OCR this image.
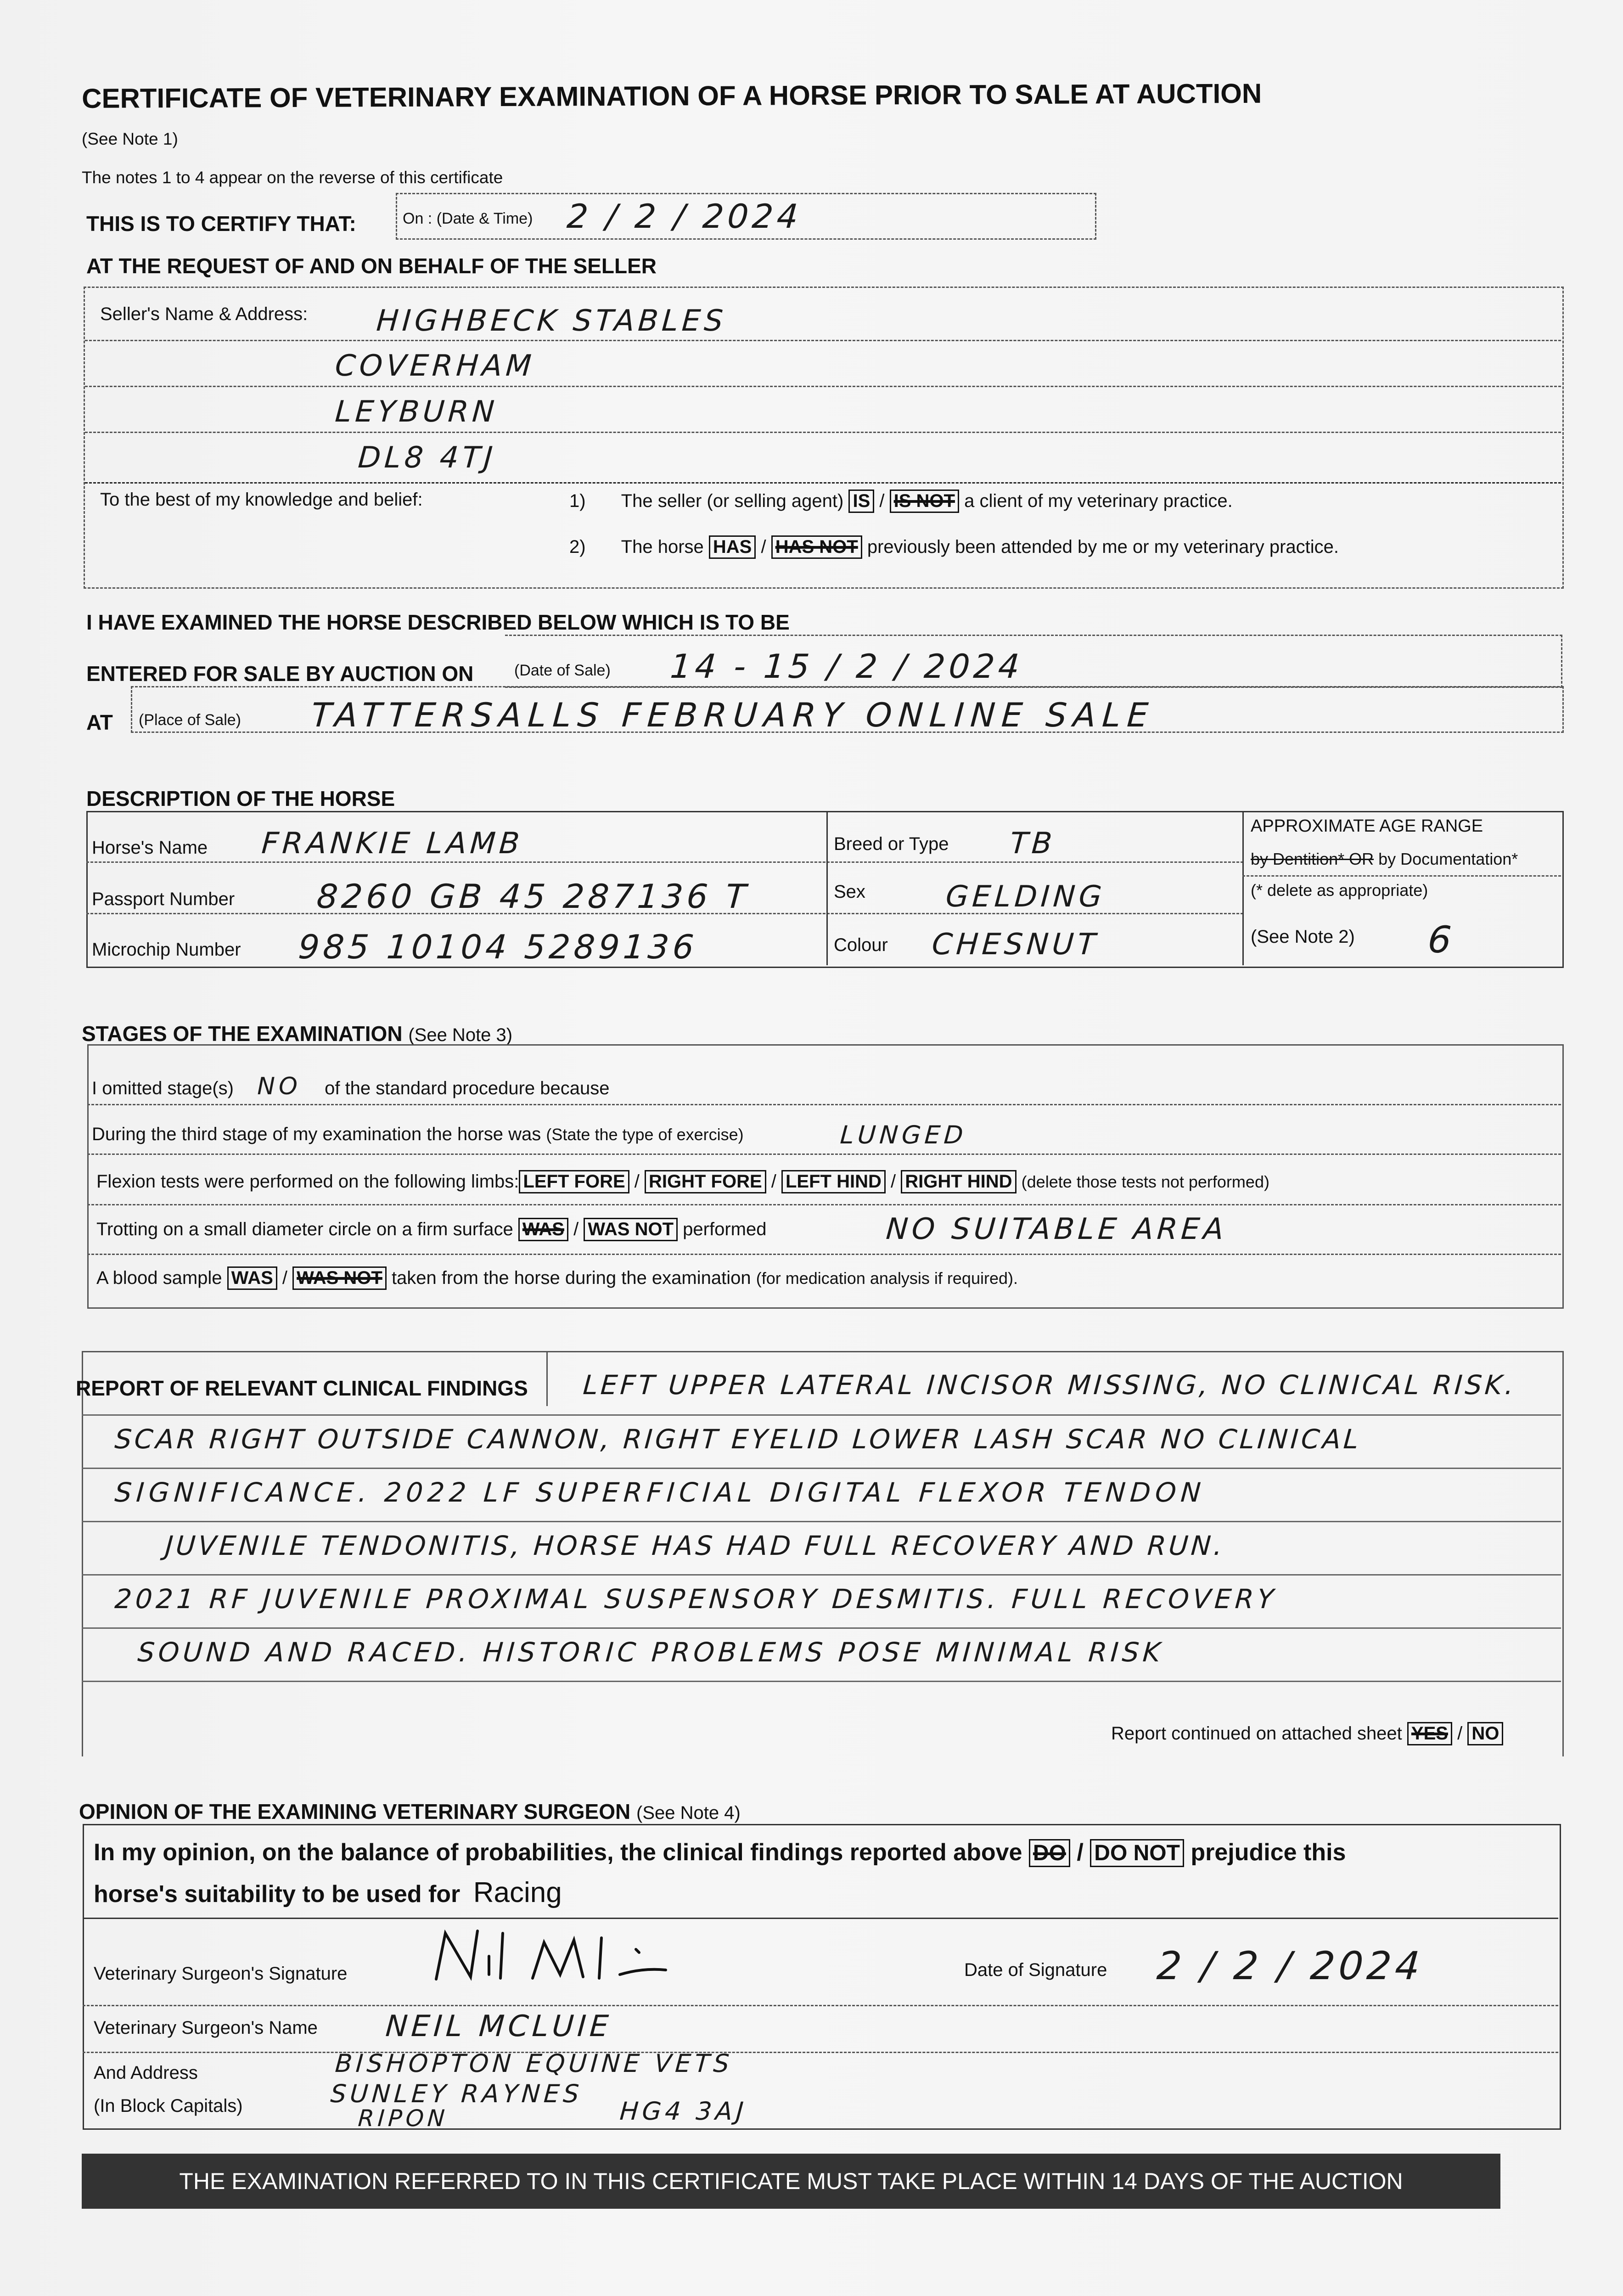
CERTIFICATE OF VETERINARY EXAMINATION OF A HORSE PRIOR TO SALE AT AUCTION
(See Note 1)
The notes 1 to 4 appear on the reverse of this certificate
THIS IS TO CERTIFY THAT:	On : (Date & Time) 2 / 2 / 2024
AT THE REQUEST OF AND ON BEHALF OF THE SELLER
Seller's Name & Address: HIGHBECK STABLES
COVERHAM
LEYBURN
DL8 4TJ
To the best of my knowledge and belief:	1) The seller (or selling agent) IS / IS NOT a client of my veterinary practice.
2) The horse HAS / HAS NOT previously been attended by me or my veterinary practice.
I HAVE EXAMINED THE HORSE DESCRIBED BELOW WHICH IS TO BE
ENTERED FOR SALE BY AUCTION ON	(Date of Sale) 14 - 15 / 2 / 2024
AT (Place of Sale) TATTERSALLS FEBRUARY ONLINE SALE
DESCRIPTION OF THE HORSE
Horse's Name FRANKIE LAMB
Passport Number 8260 GB 45 287136 T
Microchip Number 985 10104 5289136
Breed or Type TB
Sex	GELDING
Colour CHESNUT
APPROXIMATE AGE RANGE
by Dentition* OR by Documentation*
(* delete as appropriate)
(See Note 2) 6
STAGES OF THE EXAMINATION (See Note 3)
I omitted stage(s) NO of the standard procedure because
During the third stage of my examination the horse was (State the type of exercise)	LUNGED
Flexion tests were performed on the following limbs: LEFT FORE / RIGHT FORE / LEFT HIND / RIGHT HIND (delete those tests not performed)
Trotting on a small diameter circle on a firm surface WAS / WAS NOT performed	NO SUITABLE AREA
A blood sample WAS / WAS NOT taken from the horse during the examination (for medication analysis if required).
REPORT OF RELEVANT CLINICAL FINDINGS LEFT UPPER LATERAL INCISOR MISSING, NO CLINICAL RISK.
SCAR RIGHT OUTSIDE CANNON, RIGHT EYELID LOWER LASH SCAR NO CLINICAL
SIGNIFICANCE. 2022 LF SUPERFICIAL DIGITAL FLEXOR TENDON
JUVENILE TENDONITIS, HORSE HAS HAD FULL RECOVERY AND RUN.
2021 RF JUVENILE PROXIMAL SUSPENSORY DESMITIS. FULL RECOVERY
SOUND AND RACED. HISTORIC PROBLEMS POSE MINIMAL RISK
Report continued on attached sheet YES / NO
OPINION OF THE EXAMINING VETERINARY SURGEON (See Note 4)
In my opinion, on the balance of probabilities, the clinical findings reported above DO / DO NOT prejudice this
horse's suitability to be used for Racing
Veterinary Surgeon's Signature	Date of Signature 2 / 2 / 2024
Veterinary Surgeon's Name NEIL MCLUIE
And Address
(In Block Capitals)
BISHOPTON EQUINE VETS
SUNLEY RAYNES
RIPON	HG4 3AJ
THE EXAMINATION REFERRED TO IN THIS CERTIFICATE MUST TAKE PLACE WITHIN 14 DAYS OF THE AUCTION
